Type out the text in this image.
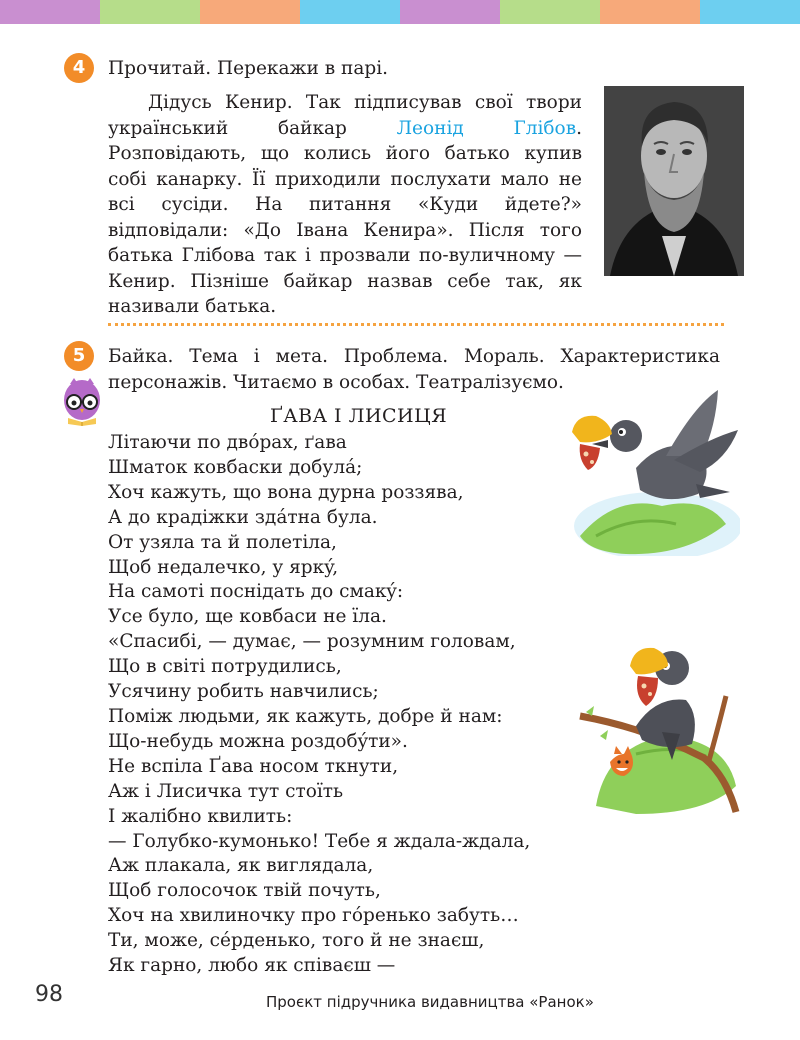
4	Прочитай. Перекажи в парі.
Дідусь Кенир. Так підписував свої твори український байкар Леонід Глібов. Розповідають, що колись його батько купив собі канарку. Її приходили послухати мало не всі сусіди. На питання «Куди йдете?» відповідали: «До Івана Кенира». Після того батька Глібова так і прозвали по-вуличному — Кенир. Пізніше байкар назвав себе так, як називали батька.
5	Байка. Тема і мета. Проблема. Мораль. Характеристика персонажів. Читаємо в особах. Театралізуємо.
ҐАВА І ЛИСИЦЯ
Літаючи по двóрах, ґава
Шматок ковбаски добулá;
Хоч кажуть, що вона дурна роззява,
А до крадіжки здáтна була.
От узяла та й полетіла,
Щоб недалечко, у яркý,
На самоті поснідать до смакý:
Усе було, ще ковбаси не їла.
«Спасибі, — думає, — розумним головам,
Що в світі потрудились,
Усячину робить навчились;
Поміж людьми, як кажуть, добре й нам:
Що-небудь можна роздобýти».
Не вспіла Ґава носом ткнути,
Аж і Лисичка тут стоїть
І жалібно квилить:
— Голубко-кумонько! Тебе я ждала-ждала,
Аж плакала, як виглядала,
Щоб голосочок твій почуть,
Хоч на хвилиночку про гóренько забуть…
Ти, може, сéрденько, того й не знаєш,
Як гарно, любо як співаєш —
98	Проєкт підручника видавництва «Ранок»
